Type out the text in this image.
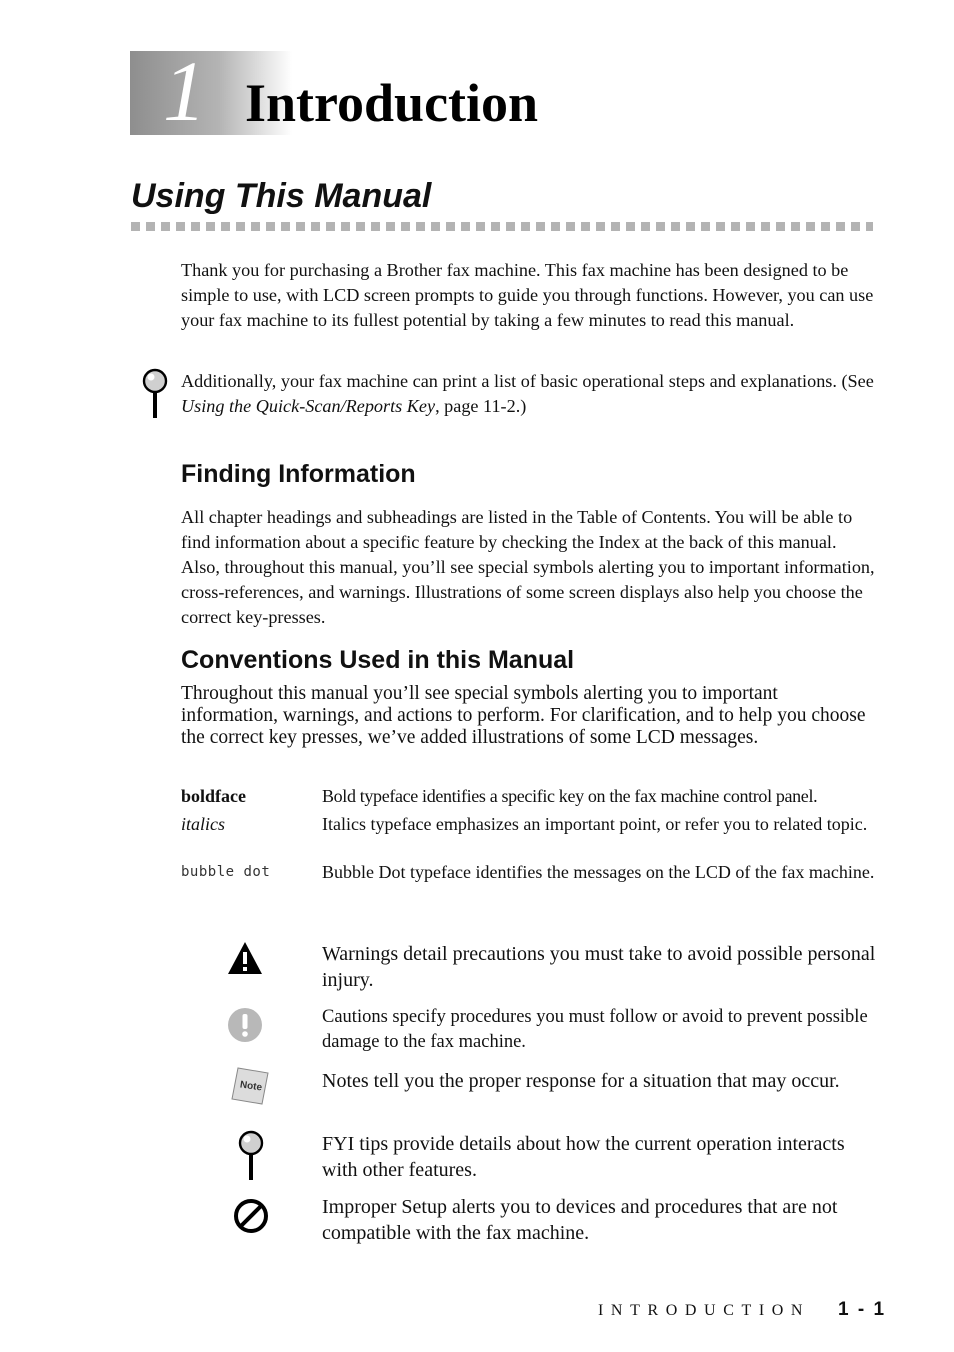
1 Introduction
Using This Manual

Thank you for purchasing a Brother fax machine. This fax machine has been designed to be simple to use, with LCD screen prompts to guide you through functions. However, you can use your fax machine to its fullest potential by taking a few minutes to read this manual.

Additionally, your fax machine can print a list of basic operational steps and explanations. (See Using the Quick-Scan/Reports Key, page 11-2.)

Finding Information

All chapter headings and subheadings are listed in the Table of Contents. You will be able to find information about a specific feature by checking the Index at the back of this manual. Also, throughout this manual, you’ll see special symbols alerting you to important information, cross-references, and warnings. Illustrations of some screen displays also help you choose the correct key-presses.

Conventions Used in this Manual

Throughout this manual you’ll see special symbols alerting you to important information, warnings, and actions to perform. For clarification, and to help you choose the correct key presses, we’ve added illustrations of some LCD messages.

boldface	Bold typeface identifies a specific key on the fax machine control panel.
italics	Italics typeface emphasizes an important point, or refer you to related topic.
bubble dot	Bubble Dot typeface identifies the messages on the LCD of the fax machine.
Warnings detail precautions you must take to avoid possible personal injury.
Cautions specify procedures you must follow or avoid to prevent possible damage to the fax machine.
Note	Notes tell you the proper response for a situation that may occur.
FYI tips provide details about how the current operation interacts with other features.
Improper Setup alerts you to devices and procedures that are not compatible with the fax machine.
INTRODUCTION 1 - 1
